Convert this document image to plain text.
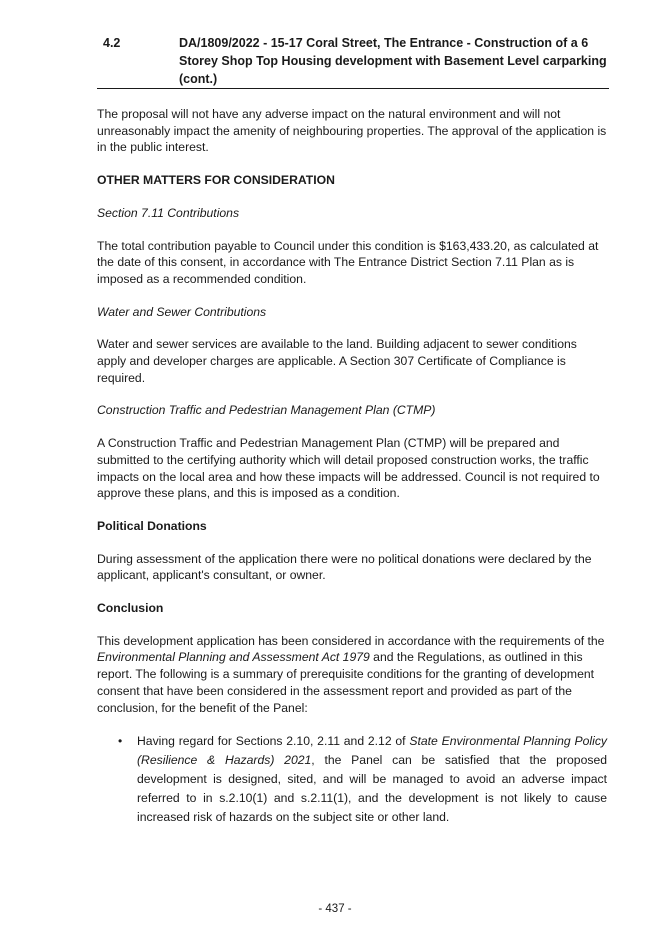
4.2	DA/1809/2022 - 15-17 Coral Street, The Entrance - Construction of a 6 Storey Shop Top Housing development with Basement Level carparking (cont.)

The proposal will not have any adverse impact on the natural environment and will not unreasonably impact the amenity of neighbouring properties. The approval of the application is in the public interest.

OTHER MATTERS FOR CONSIDERATION

Section 7.11 Contributions

The total contribution payable to Council under this condition is $163,433.20, as calculated at the date of this consent, in accordance with The Entrance District Section 7.11 Plan as is imposed as a recommended condition.

Water and Sewer Contributions

Water and sewer services are available to the land. Building adjacent to sewer conditions apply and developer charges are applicable. A Section 307 Certificate of Compliance is required.

Construction Traffic and Pedestrian Management Plan (CTMP)

A Construction Traffic and Pedestrian Management Plan (CTMP) will be prepared and submitted to the certifying authority which will detail proposed construction works, the traffic impacts on the local area and how these impacts will be addressed. Council is not required to approve these plans, and this is imposed as a condition.

Political Donations

During assessment of the application there were no political donations were declared by the applicant, applicant's consultant, or owner.

Conclusion

This development application has been considered in accordance with the requirements of the Environmental Planning and Assessment Act 1979 and the Regulations, as outlined in this report. The following is a summary of prerequisite conditions for the granting of development consent that have been considered in the assessment report and provided as part of the conclusion, for the benefit of the Panel:

• Having regard for Sections 2.10, 2.11 and 2.12 of State Environmental Planning Policy (Resilience & Hazards) 2021, the Panel can be satisfied that the proposed development is designed, sited, and will be managed to avoid an adverse impact referred to in s.2.10(1) and s.2.11(1), and the development is not likely to cause increased risk of hazards on the subject site or other land.

- 437 -
